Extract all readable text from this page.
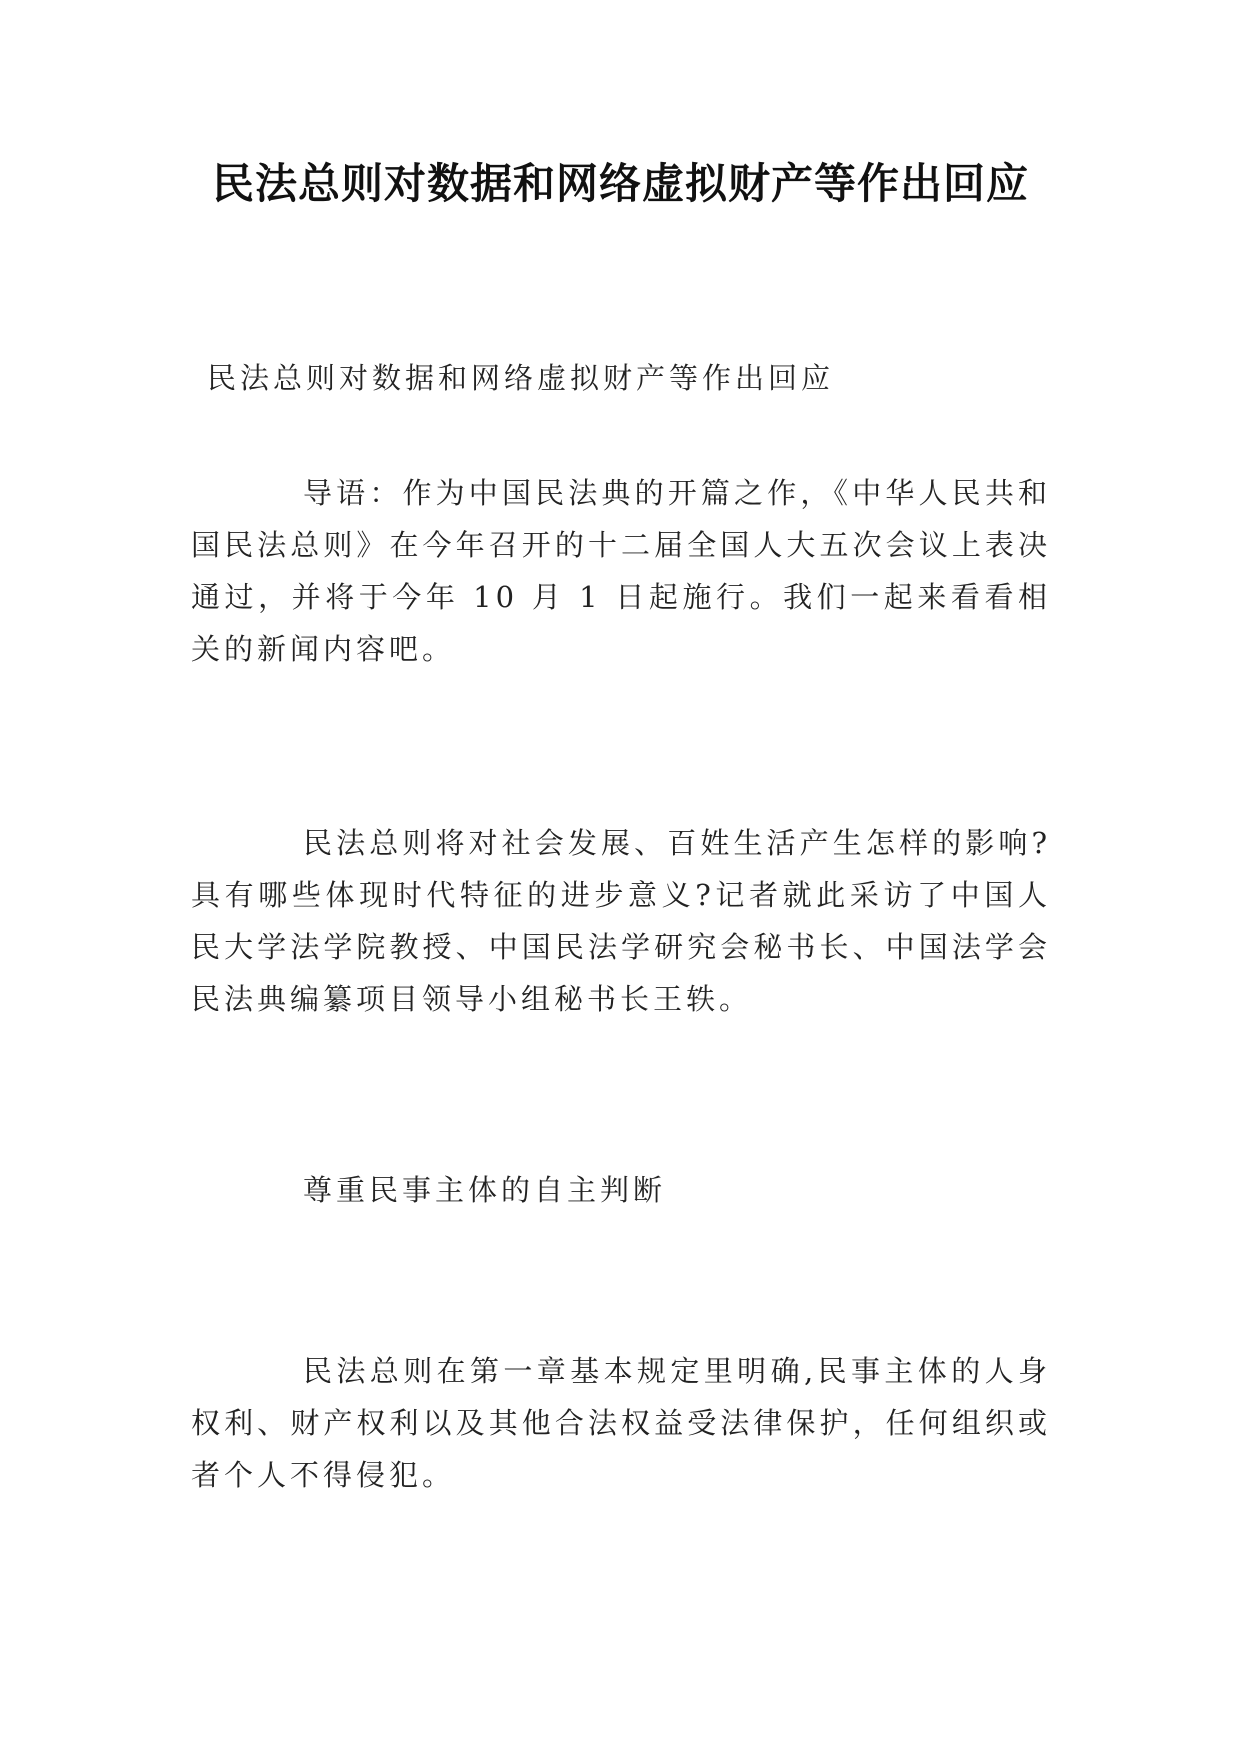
民法总则对数据和网络虚拟财产等作出回应
民法总则对数据和网络虚拟财产等作出回应

导语：作为中国民法典的开篇之作，《中华人民共和国民法总则》在今年召开的十二届全国人大五次会议上表决通过，并将于今年 10 月 1 日起施行。我们一起来看看相关的新闻内容吧。

民法总则将对社会发展、百姓生活产生怎样的影响?具有哪些体现时代特征的进步意义?记者就此采访了中国人民大学法学院教授、中国民法学研究会秘书长、中国法学会民法典编纂项目领导小组秘书长王轶。

尊重民事主体的自主判断

民法总则在第一章基本规定里明确,民事主体的人身权利、财产权利以及其他合法权益受法律保护，任何组织或者个人不得侵犯。
